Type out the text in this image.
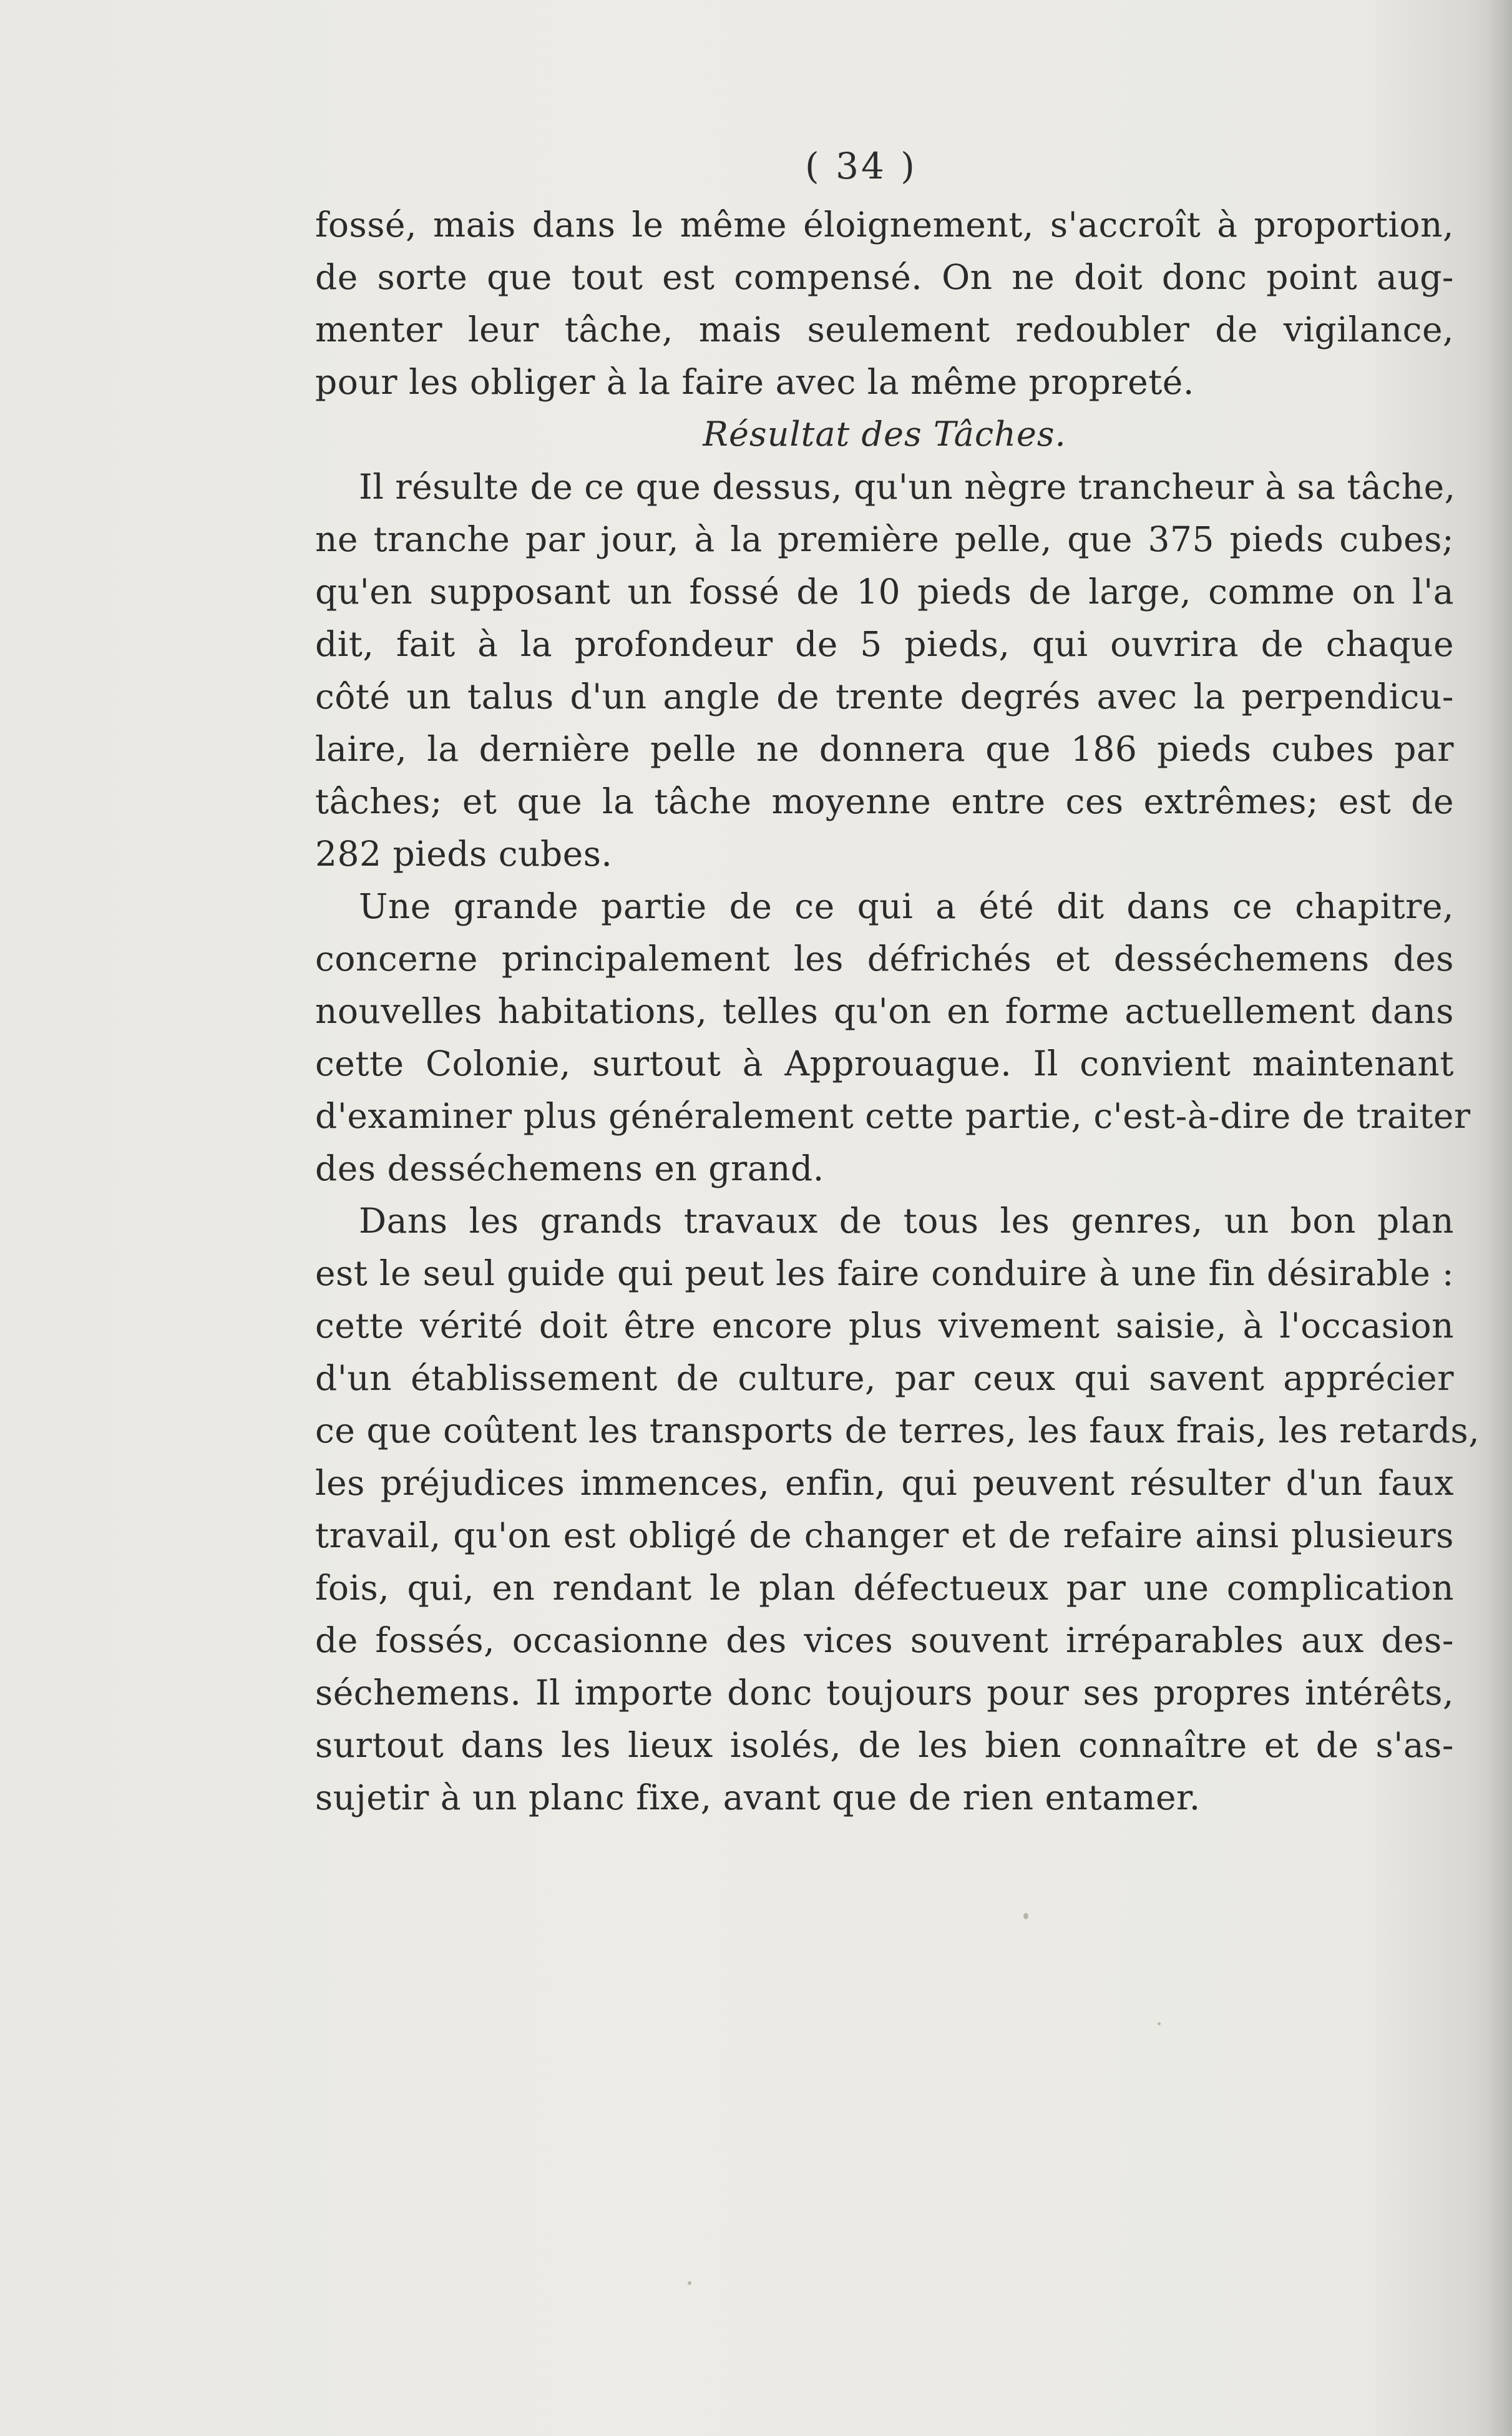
( 34 )
fossé, mais dans le même éloignement, s'accroît à proportion,
de sorte que tout est compensé. On ne doit donc point aug-
menter leur tâche, mais seulement redoubler de vigilance,
pour les obliger à la faire avec la même propreté.
Résultat des Tâches.
Il résulte de ce que dessus, qu'un nègre trancheur à sa tâche,
ne tranche par jour, à la première pelle, que 375 pieds cubes;
qu'en supposant un fossé de 10 pieds de large, comme on l'a
dit, fait à la profondeur de 5 pieds, qui ouvrira de chaque
côté un talus d'un angle de trente degrés avec la perpendicu-
laire, la dernière pelle ne donnera que 186 pieds cubes par
tâches; et que la tâche moyenne entre ces extrêmes; est de
282 pieds cubes.
Une grande partie de ce qui a été dit dans ce chapitre,
concerne principalement les défrichés et desséchemens des
nouvelles habitations, telles qu'on en forme actuellement dans
cette Colonie, surtout à Approuague. Il convient maintenant
d'examiner plus généralement cette partie, c'est-à-dire de traiter
des desséchemens en grand.
Dans les grands travaux de tous les genres, un bon plan
est le seul guide qui peut les faire conduire à une fin désirable :
cette vérité doit être encore plus vivement saisie, à l'occasion
d'un établissement de culture, par ceux qui savent apprécier
ce que coûtent les transports de terres, les faux frais, les retards,
les préjudices immences, enfin, qui peuvent résulter d'un faux
travail, qu'on est obligé de changer et de refaire ainsi plusieurs
fois, qui, en rendant le plan défectueux par une complication
de fossés, occasionne des vices souvent irréparables aux des-
séchemens. Il importe donc toujours pour ses propres intérêts,
surtout dans les lieux isolés, de les bien connaître et de s'as-
sujetir à un planc fixe, avant que de rien entamer.
